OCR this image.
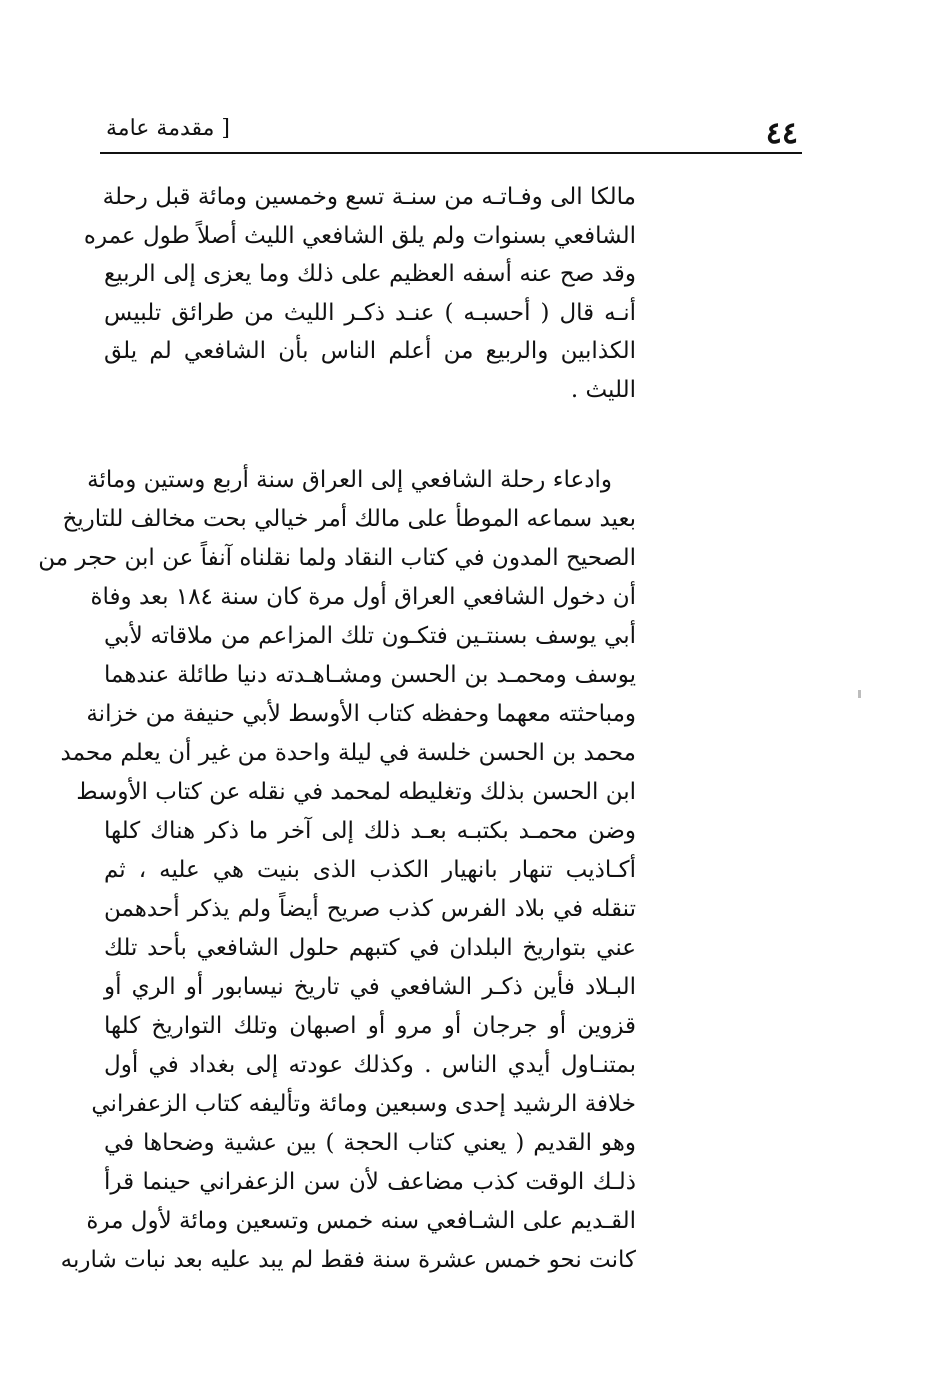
٤٤
[ مقدمة عامة
مالكا الى وفـاتـه من سنـة تسع وخمسين ومائة قبل رحلة
الشافعي بسنوات ولم يلق الشافعي الليث أصلاً طول عمره
وقد صح عنه أسفه العظيم على ذلك وما يعزى إلى الربيع
أنـه قال ( أحسبـه ) عنـد ذكـر الليث من طرائق تلبيس
الكذابين والربيع من أعلم الناس بأن الشافعي لم يلق
الليث .
وادعاء رحلة الشافعي إلى العراق سنة أربع وستين ومائة
بعيد سماعه الموطأ على مالك أمر خيالي بحت مخالف للتاريخ
الصحيح المدون في كتاب النقاد ولما نقلناه آنفاً عن ابن حجر من
أن دخول الشافعي العراق أول مرة كان سنة ١٨٤ بعد وفاة
أبي يوسف بسنتـين فتكـون تلك المزاعم من ملاقاته لأبي
يوسف ومحمـد بن الحسن ومشـاهـدته دنيا طائلة عندهما
ومباحثته معهما وحفظه كتاب الأوسط لأبي حنيفة من خزانة
محمد بن الحسن خلسة في ليلة واحدة من غير أن يعلم محمد
ابن الحسن بذلك وتغليطه لمحمد في نقله عن كتاب الأوسط
وضن محمـد بكتبـه بعـد ذلك إلى آخر ما ذكر هناك كلها
أكـاذيب تنهار بانهيار الكذب الذى بنيت هي عليه ، ثم
تنقله في بلاد الفرس كذب صريح أيضاً ولم يذكر أحدهمن
عني بتواريخ البلدان في كتبهم حلول الشافعي بأحد تلك
البـلاد فأين ذكـر الشافعي في تاريخ نيسابور أو الري أو
قزوين أو جرجان أو مرو أو اصبهان وتلك التواريخ كلها
بمتنـاول أيدي الناس . وكذلك عودته إلى بغداد في أول
خلافة الرشيد إحدى وسبعين ومائة وتأليفه كتاب الزعفراني
وهو القديم ( يعني كتاب الحجة ) بين عشية وضحاها في
ذلـك الوقت كذب مضاعف لأن سن الزعفراني حينما قرأ
القـديم على الشـافعي سنه خمس وتسعين ومائة لأول مرة
كانت نحو خمس عشرة سنة فقط لم يبد عليه بعد نبات شاربه
